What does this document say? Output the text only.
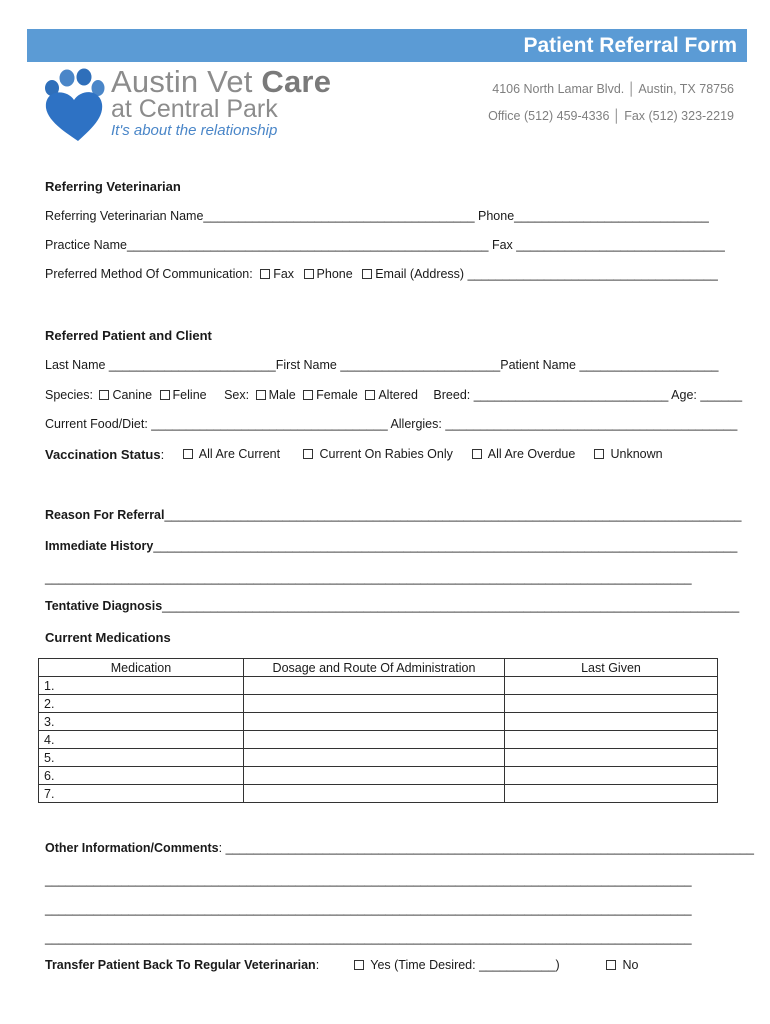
Patient Referral Form
Austin Vet Care
at Central Park
It's about the relationship
4106 North Lamar Blvd. │ Austin, TX 78756
Office (512) 459-4336 │ Fax (512) 323-2219
Referring Veterinarian
Referring Veterinarian Name_______________________________________ Phone____________________________
Practice Name____________________________________________________ Fax ______________________________
Preferred Method Of Communication: Fax Phone Email (Address) ____________________________________
Referred Patient and Client
Last Name ________________________First Name _______________________Patient Name ____________________
Species: Canine Feline Sex: Male Female Altered Breed: ____________________________ Age: ______
Current Food/Diet: __________________________________ Allergies: __________________________________________
Vaccination Status:	All Are Current	Current On Rabies Only	All Are Overdue	Unknown
Reason For Referral___________________________________________________________________________________
Immediate History____________________________________________________________________________________
_____________________________________________________________________________________________
Tentative Diagnosis___________________________________________________________________________________
Current Medications
Medication	Dosage and Route Of Administration	Last Given
1.		
2.		
3.		
4.		
5.		
6.		
7.		
Other Information/Comments: ____________________________________________________________________________
_____________________________________________________________________________________________
_____________________________________________________________________________________________
_____________________________________________________________________________________________
Transfer Patient Back To Regular Veterinarian:	Yes (Time Desired: ___________)	No
